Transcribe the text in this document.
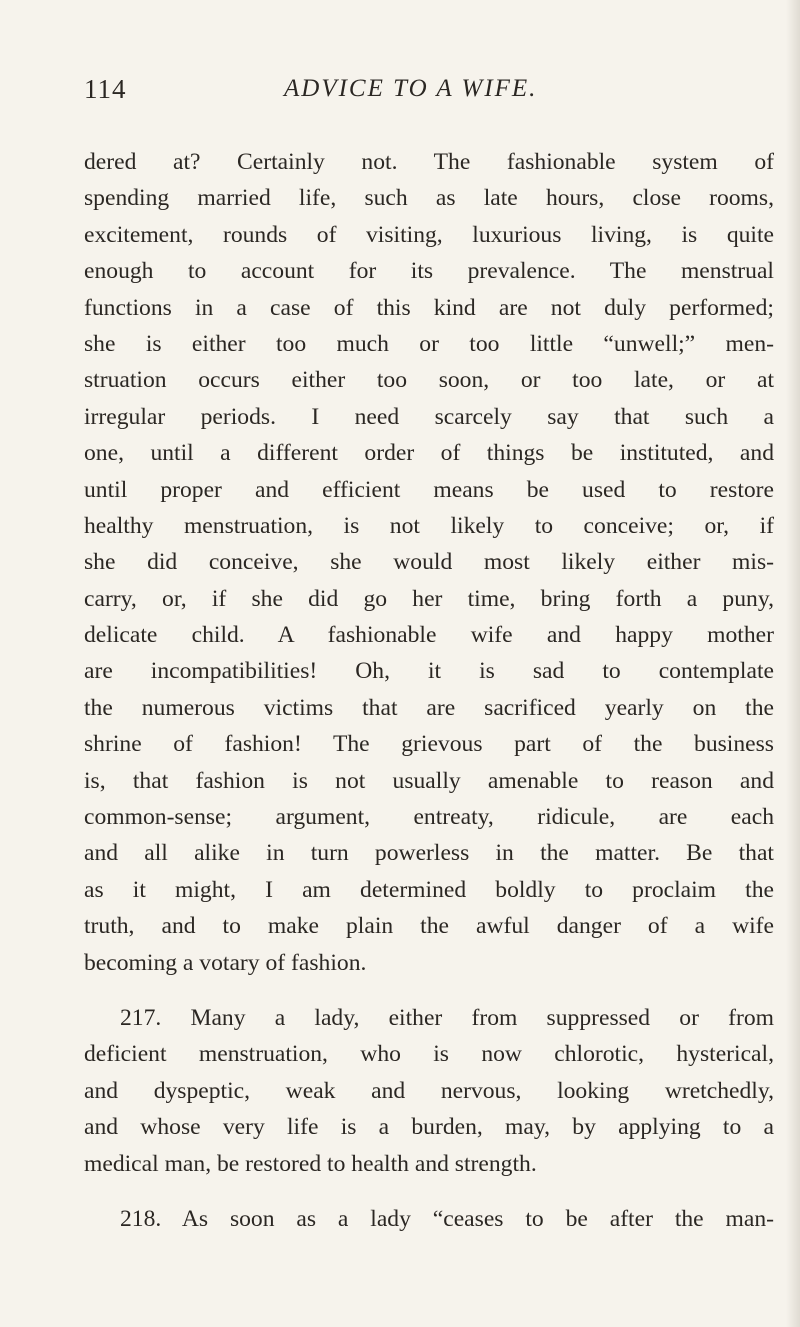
114	ADVICE TO A WIFE.
dered at? Certainly not. The fashionable system of
spending married life, such as late hours, close rooms,
excitement, rounds of visiting, luxurious living, is quite
enough to account for its prevalence. The menstrual
functions in a case of this kind are not duly performed;
she is either too much or too little “unwell;” men-
struation occurs either too soon, or too late, or at
irregular periods. I need scarcely say that such a
one, until a different order of things be instituted, and
until proper and efficient means be used to restore
healthy menstruation, is not likely to conceive; or, if
she did conceive, she would most likely either mis-
carry, or, if she did go her time, bring forth a puny,
delicate child. A fashionable wife and happy mother
are incompatibilities! Oh, it is sad to contemplate
the numerous victims that are sacrificed yearly on the
shrine of fashion! The grievous part of the business
is, that fashion is not usually amenable to reason and
common-sense; argument, entreaty, ridicule, are each
and all alike in turn powerless in the matter. Be that
as it might, I am determined boldly to proclaim the
truth, and to make plain the awful danger of a wife
becoming a votary of fashion.
217. Many a lady, either from suppressed or from
deficient menstruation, who is now chlorotic, hysterical,
and dyspeptic, weak and nervous, looking wretchedly,
and whose very life is a burden, may, by applying to a
medical man, be restored to health and strength.
218. As soon as a lady “ceases to be after the man-
